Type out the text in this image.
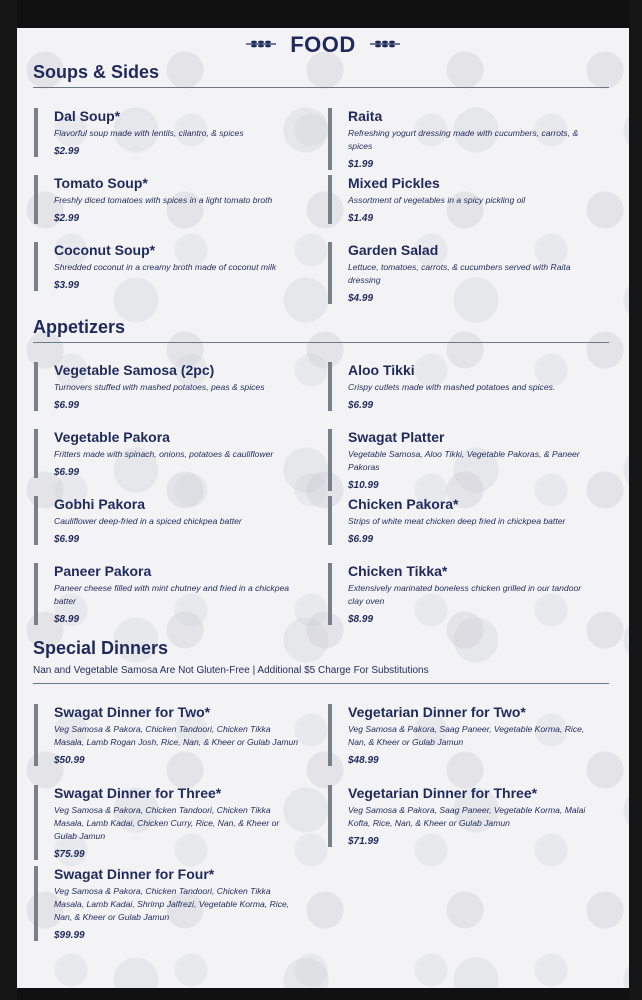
FOOD
Soups & Sides
Dal Soup*
Flavorful soup made with lentils, cilantro, & spices
$2.99
Raita
Refreshing yogurt dressing made with cucumbers, carrots, & spices
$1.99
Tomato Soup*
Freshly diced tomatoes with spices in a light tomato broth
$2.99
Mixed Pickles
Assortment of vegetables in a spicy pickling oil
$1.49
Coconut Soup*
Shredded coconut in a creamy broth made of coconut milk
$3.99
Garden Salad
Lettuce, tomatoes, carrots, & cucumbers served with Raita dressing
$4.99
Appetizers
Vegetable Samosa (2pc)
Turnovers stuffed with mashed potatoes, peas & spices
$6.99
Aloo Tikki
Crispy cutlets made with mashed potatoes and spices.
$6.99
Vegetable Pakora
Fritters made with spinach, onions, potatoes & cauliflower
$6.99
Swagat Platter
Vegetable Samosa, Aloo Tikki, Vegetable Pakoras, & Paneer Pakoras
$10.99
Gobhi Pakora
Cauliflower deep-fried in a spiced chickpea batter
$6.99
Chicken Pakora*
Strips of white meat chicken deep fried in chickpea batter
$6.99
Paneer Pakora
Paneer cheese filled with mint chutney and fried in a chickpea batter
$8.99
Chicken Tikka*
Extensively marinated boneless chicken grilled in our tandoor clay oven
$8.99
Special Dinners
Nan and Vegetable Samosa Are Not Gluten-Free | Additional $5 Charge For Substitutions
Swagat Dinner for Two*
Veg Samosa & Pakora, Chicken Tandoori, Chicken Tikka Masala, Lamb Rogan Josh, Rice, Nan, & Kheer or Gulab Jamun
$50.99
Vegetarian Dinner for Two*
Veg Samosa & Pakora, Saag Paneer, Vegetable Korma, Rice, Nan, & Kheer or Gulab Jamun
$48.99
Swagat Dinner for Three*
Veg Samosa & Pakora, Chicken Tandoori, Chicken Tikka Masala, Lamb Kadai, Chicken Curry, Rice, Nan, & Kheer or Gulab Jamun
$75.99
Vegetarian Dinner for Three*
Veg Samosa & Pakora, Saag Paneer, Vegetable Korma, Malai Kofta, Rice, Nan, & Kheer or Gulab Jamun
$71.99
Swagat Dinner for Four*
Veg Samosa & Pakora, Chicken Tandoori, Chicken Tikka Masala, Lamb Kadai, Shrimp Jalfrezi, Vegetable Korma, Rice, Nan, & Kheer or Gulab Jamun
$99.99
